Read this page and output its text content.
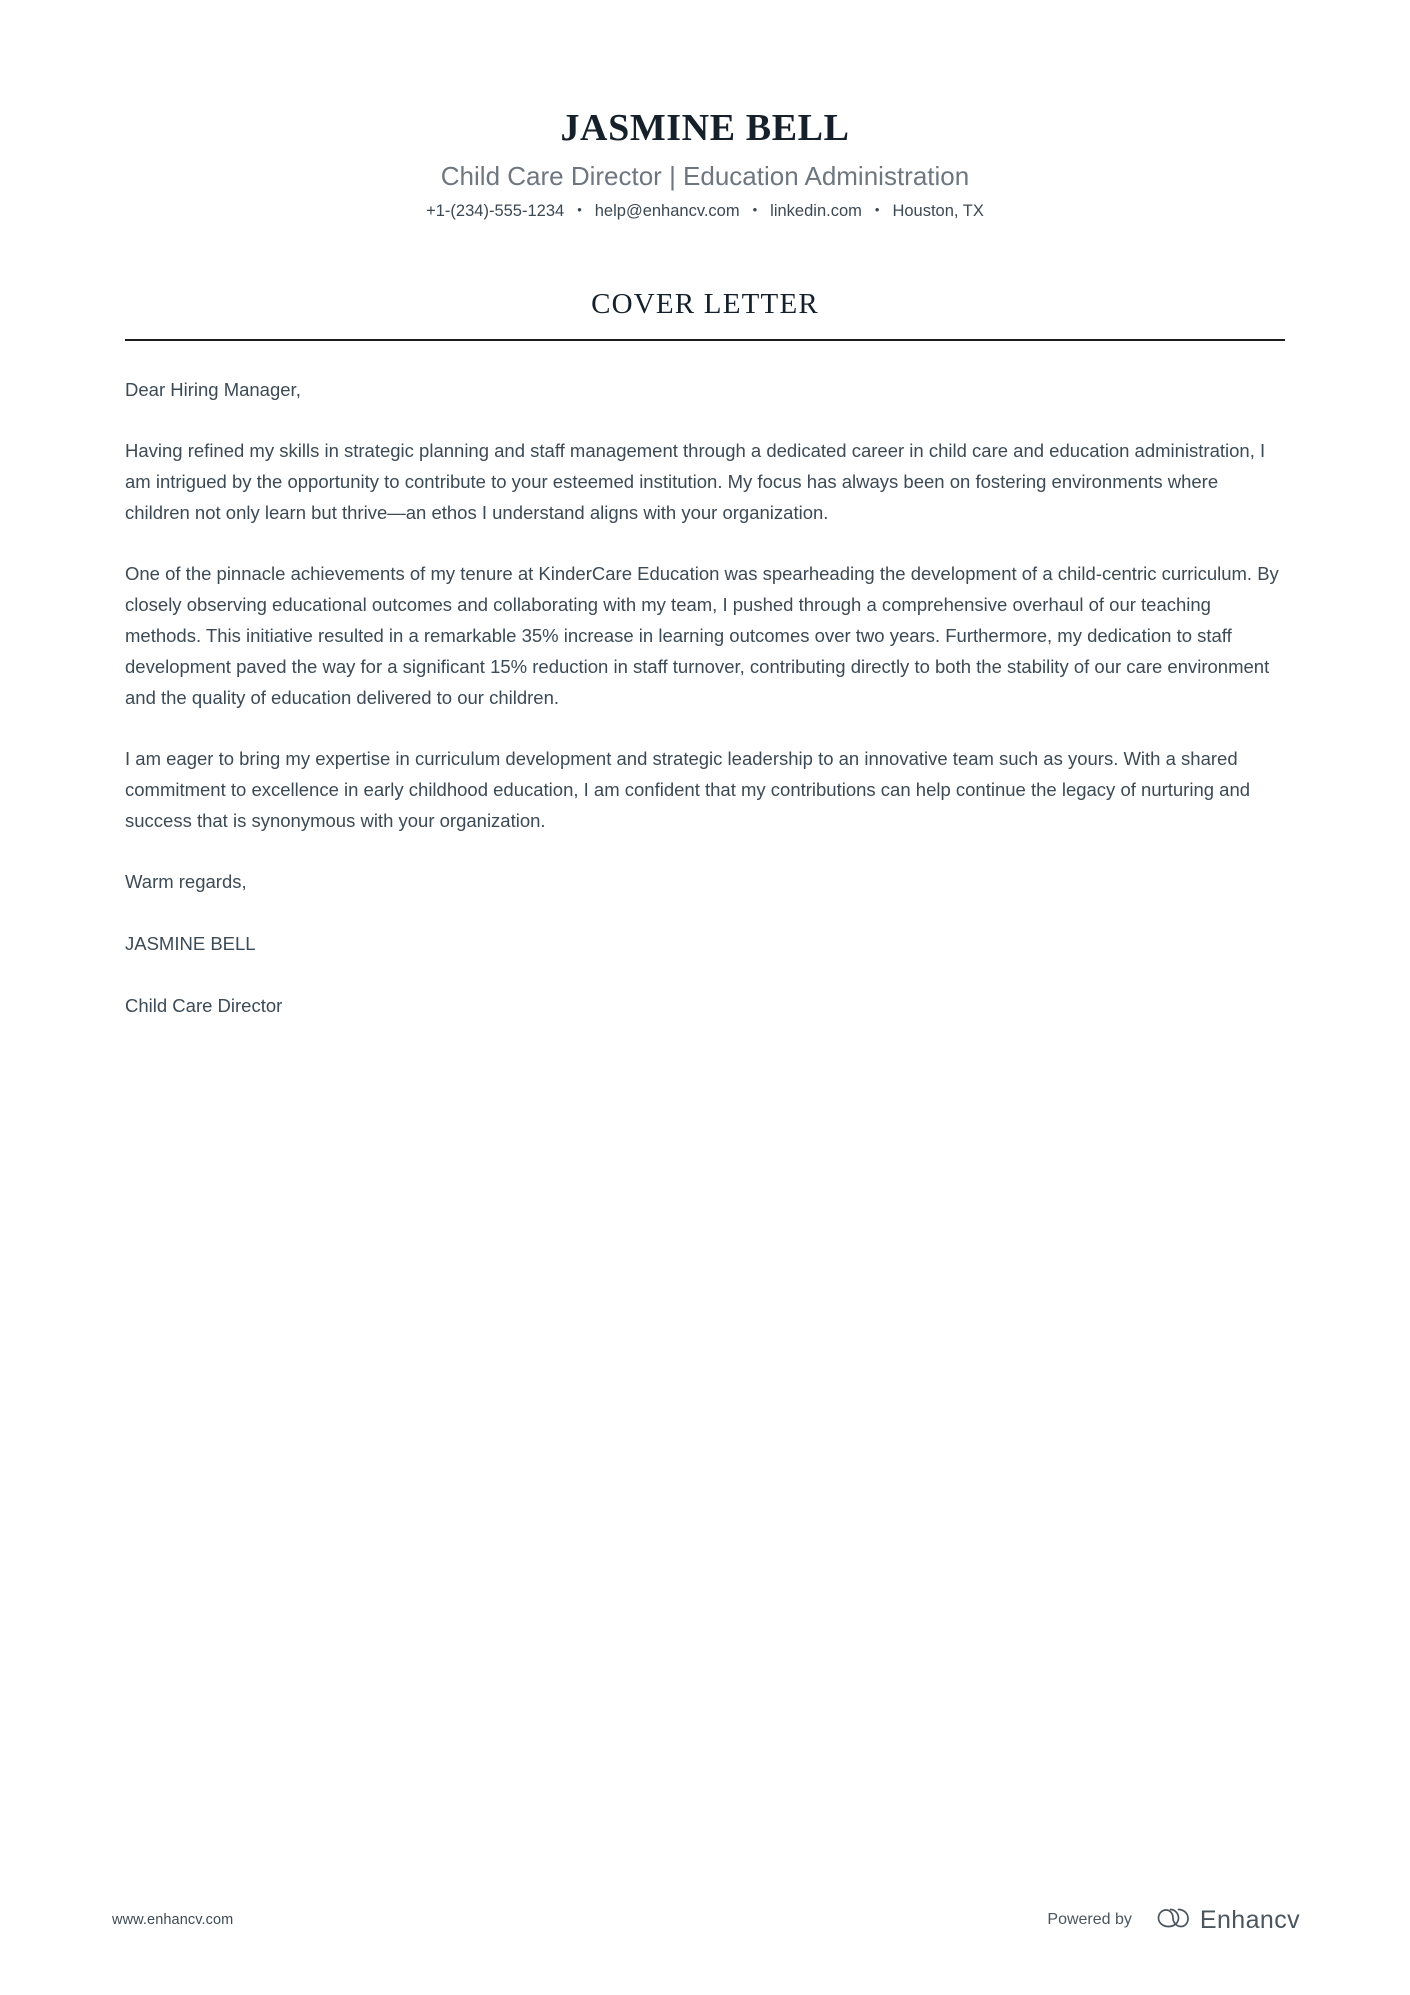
JASMINE BELL
Child Care Director | Education Administration
+1-(234)-555-1234 • help@enhancv.com • linkedin.com • Houston, TX
COVER LETTER

Dear Hiring Manager,

Having refined my skills in strategic planning and staff management through a dedicated career in child care and education administration, I am intrigued by the opportunity to contribute to your esteemed institution. My focus has always been on fostering environments where children not only learn but thrive—an ethos I understand aligns with your organization.

One of the pinnacle achievements of my tenure at KinderCare Education was spearheading the development of a child-centric curriculum. By closely observing educational outcomes and collaborating with my team, I pushed through a comprehensive overhaul of our teaching methods. This initiative resulted in a remarkable 35% increase in learning outcomes over two years. Furthermore, my dedication to staff development paved the way for a significant 15% reduction in staff turnover, contributing directly to both the stability of our care environment and the quality of education delivered to our children.

I am eager to bring my expertise in curriculum development and strategic leadership to an innovative team such as yours. With a shared commitment to excellence in early childhood education, I am confident that my contributions can help continue the legacy of nurturing and success that is synonymous with your organization.

Warm regards,

JASMINE BELL

Child Care Director

www.enhancv.com	Powered by	Enhancv
